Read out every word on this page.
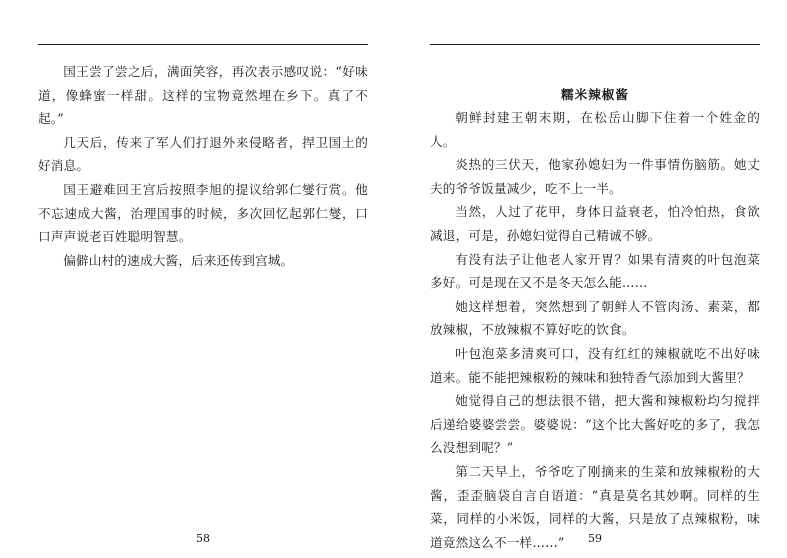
国王尝了尝之后，满面笑容，再次表示感叹说：“好味道，像蜂蜜一样甜。这样的宝物竟然埋在乡下。真了不起。”

几天后，传来了军人们打退外来侵略者，捍卫国土的好消息。

国王避难回王宫后按照李旭的提议给郭仁燮行赏。他不忘速成大酱，治理国事的时候，多次回忆起郭仁燮，口口声声说老百姓聪明智慧。

偏僻山村的速成大酱，后来还传到宫城。

58
糯米辣椒酱

朝鲜封建王朝末期，在松岳山脚下住着一个姓金的人。

炎热的三伏天，他家孙媳妇为一件事情伤脑筋。她丈夫的爷爷饭量减少，吃不上一半。

当然，人过了花甲，身体日益衰老，怕冷怕热，食欲减退，可是，孙媳妇觉得自己精诚不够。

有没有法子让他老人家开胃？如果有清爽的叶包泡菜多好。可是现在又不是冬天怎么能……

她这样想着，突然想到了朝鲜人不管肉汤、素菜，都放辣椒，不放辣椒不算好吃的饮食。

叶包泡菜多清爽可口，没有红红的辣椒就吃不出好味道来。能不能把辣椒粉的辣味和独特香气添加到大酱里？

她觉得自己的想法很不错，把大酱和辣椒粉均匀搅拌后递给婆婆尝尝。婆婆说：“这个比大酱好吃的多了，我怎么没想到呢？”

第二天早上，爷爷吃了刚摘来的生菜和放辣椒粉的大酱，歪歪脑袋自言自语道：“真是莫名其妙啊。同样的生菜，同样的小米饭，同样的大酱，只是放了点辣椒粉，味道竟然这么不一样……”	59
